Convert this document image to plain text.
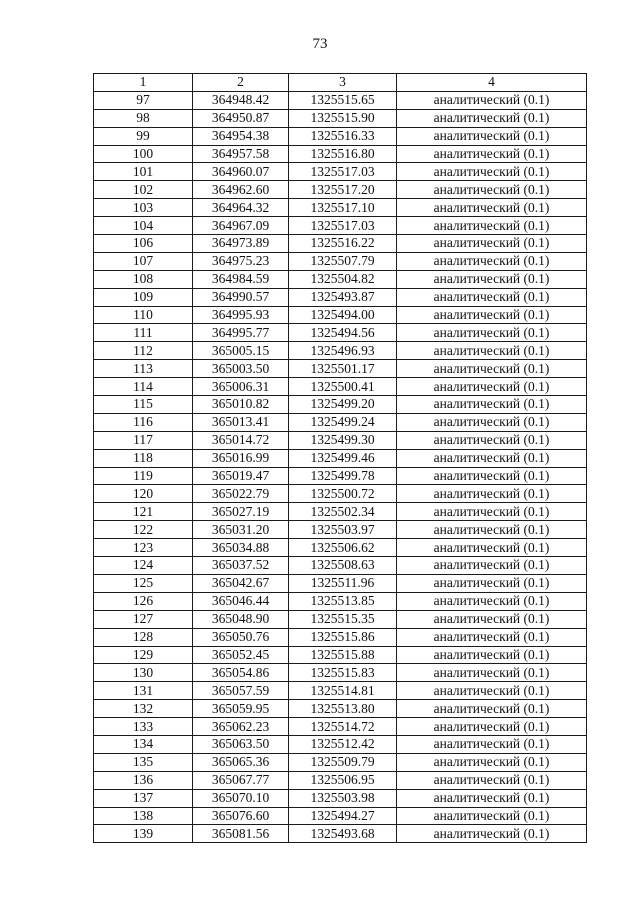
73
1	2	3	4
97	364948.42	1325515.65	аналитический (0.1)
98	364950.87	1325515.90	аналитический (0.1)
99	364954.38	1325516.33	аналитический (0.1)
100	364957.58	1325516.80	аналитический (0.1)
101	364960.07	1325517.03	аналитический (0.1)
102	364962.60	1325517.20	аналитический (0.1)
103	364964.32	1325517.10	аналитический (0.1)
104	364967.09	1325517.03	аналитический (0.1)
106	364973.89	1325516.22	аналитический (0.1)
107	364975.23	1325507.79	аналитический (0.1)
108	364984.59	1325504.82	аналитический (0.1)
109	364990.57	1325493.87	аналитический (0.1)
110	364995.93	1325494.00	аналитический (0.1)
111	364995.77	1325494.56	аналитический (0.1)
112	365005.15	1325496.93	аналитический (0.1)
113	365003.50	1325501.17	аналитический (0.1)
114	365006.31	1325500.41	аналитический (0.1)
115	365010.82	1325499.20	аналитический (0.1)
116	365013.41	1325499.24	аналитический (0.1)
117	365014.72	1325499.30	аналитический (0.1)
118	365016.99	1325499.46	аналитический (0.1)
119	365019.47	1325499.78	аналитический (0.1)
120	365022.79	1325500.72	аналитический (0.1)
121	365027.19	1325502.34	аналитический (0.1)
122	365031.20	1325503.97	аналитический (0.1)
123	365034.88	1325506.62	аналитический (0.1)
124	365037.52	1325508.63	аналитический (0.1)
125	365042.67	1325511.96	аналитический (0.1)
126	365046.44	1325513.85	аналитический (0.1)
127	365048.90	1325515.35	аналитический (0.1)
128	365050.76	1325515.86	аналитический (0.1)
129	365052.45	1325515.88	аналитический (0.1)
130	365054.86	1325515.83	аналитический (0.1)
131	365057.59	1325514.81	аналитический (0.1)
132	365059.95	1325513.80	аналитический (0.1)
133	365062.23	1325514.72	аналитический (0.1)
134	365063.50	1325512.42	аналитический (0.1)
135	365065.36	1325509.79	аналитический (0.1)
136	365067.77	1325506.95	аналитический (0.1)
137	365070.10	1325503.98	аналитический (0.1)
138	365076.60	1325494.27	аналитический (0.1)
139	365081.56	1325493.68	аналитический (0.1)
